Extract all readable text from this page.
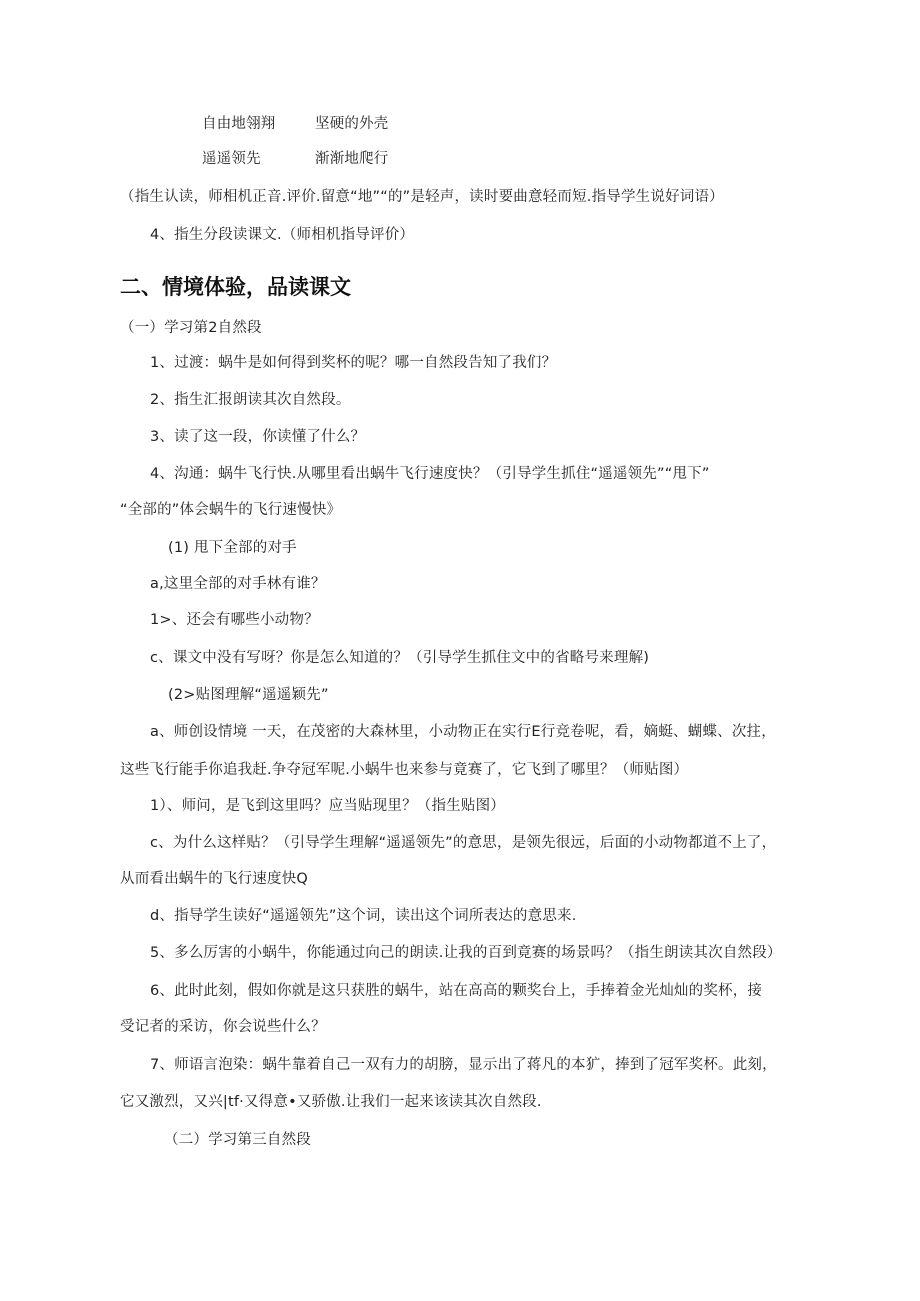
自由地翎翔	坚硬的外壳
遥遥领先	渐渐地爬行
（指生认读，师相机正音.评价.留意“地”“的”是轻声，读时要曲意轻而短.指导学生说好词语）
4、指生分段读课文.（师相机指导评价）
二、情境体验，品读课文
（一）学习第2自然段
1、过渡：蜗牛是如何得到奖杯的呢？哪一自然段告知了我们？
2、指生汇报朗读其次自然段。
3、读了这一段，你读懂了什么？
4、沟通：蜗牛飞行快.从哪里看出蜗牛飞行速度快？（引导学生抓住“遥遥领先”“甩下”
“全部的”体会蜗牛的飞行速慢快》
(1) 甩下全部的对手
a,这里全部的对手林有谁？
1>、还会有哪些小动物？
c、课文中没有写呀？你是怎么知道的？（引导学生抓住文中的省略号来理解)
(2>贴图理解“遥遥颖先”
a、师创设情境 一天，在茂密的大森林里，小动物正在实行E行竞卷呢，看，嫡蜓、蝴蝶、次拄，
这些飞行能手你追我赶.争夺冠军呢.小蜗牛也来参与竟赛了，它飞到了哪里？（师贴图）
1）、师问，是飞到这里吗？应当贴现里？（指生贴图）
c、为什么这样贴？（引导学生理解“遥遥领先”的意思，是领先很远，后面的小动物都道不上了，
从而看出蜗牛的飞行速度快Q
d、指导学生读好“遥遥领先”这个词，读出这个词所表达的意思来.
5、多么厉害的小蜗牛，你能通过向己的朗读.让我的百到竟赛的场景吗？（指生朗读其次自然段）
6、此时此刻，假如你就是这只获胜的蜗牛，站在高高的颗奖台上，手捧着金光灿灿的奖杯，接
受记者的采访，你会说些什么？
7、师语言泡染：蜗牛靠着自己一双有力的胡膀，显示出了蒋凡的本犷，捧到了冠军奖杯。此刻，
它又激烈，又兴|tf·又得意•又骄傲.让我们一起来该读其次自然段.
（二）学习第三自然段
